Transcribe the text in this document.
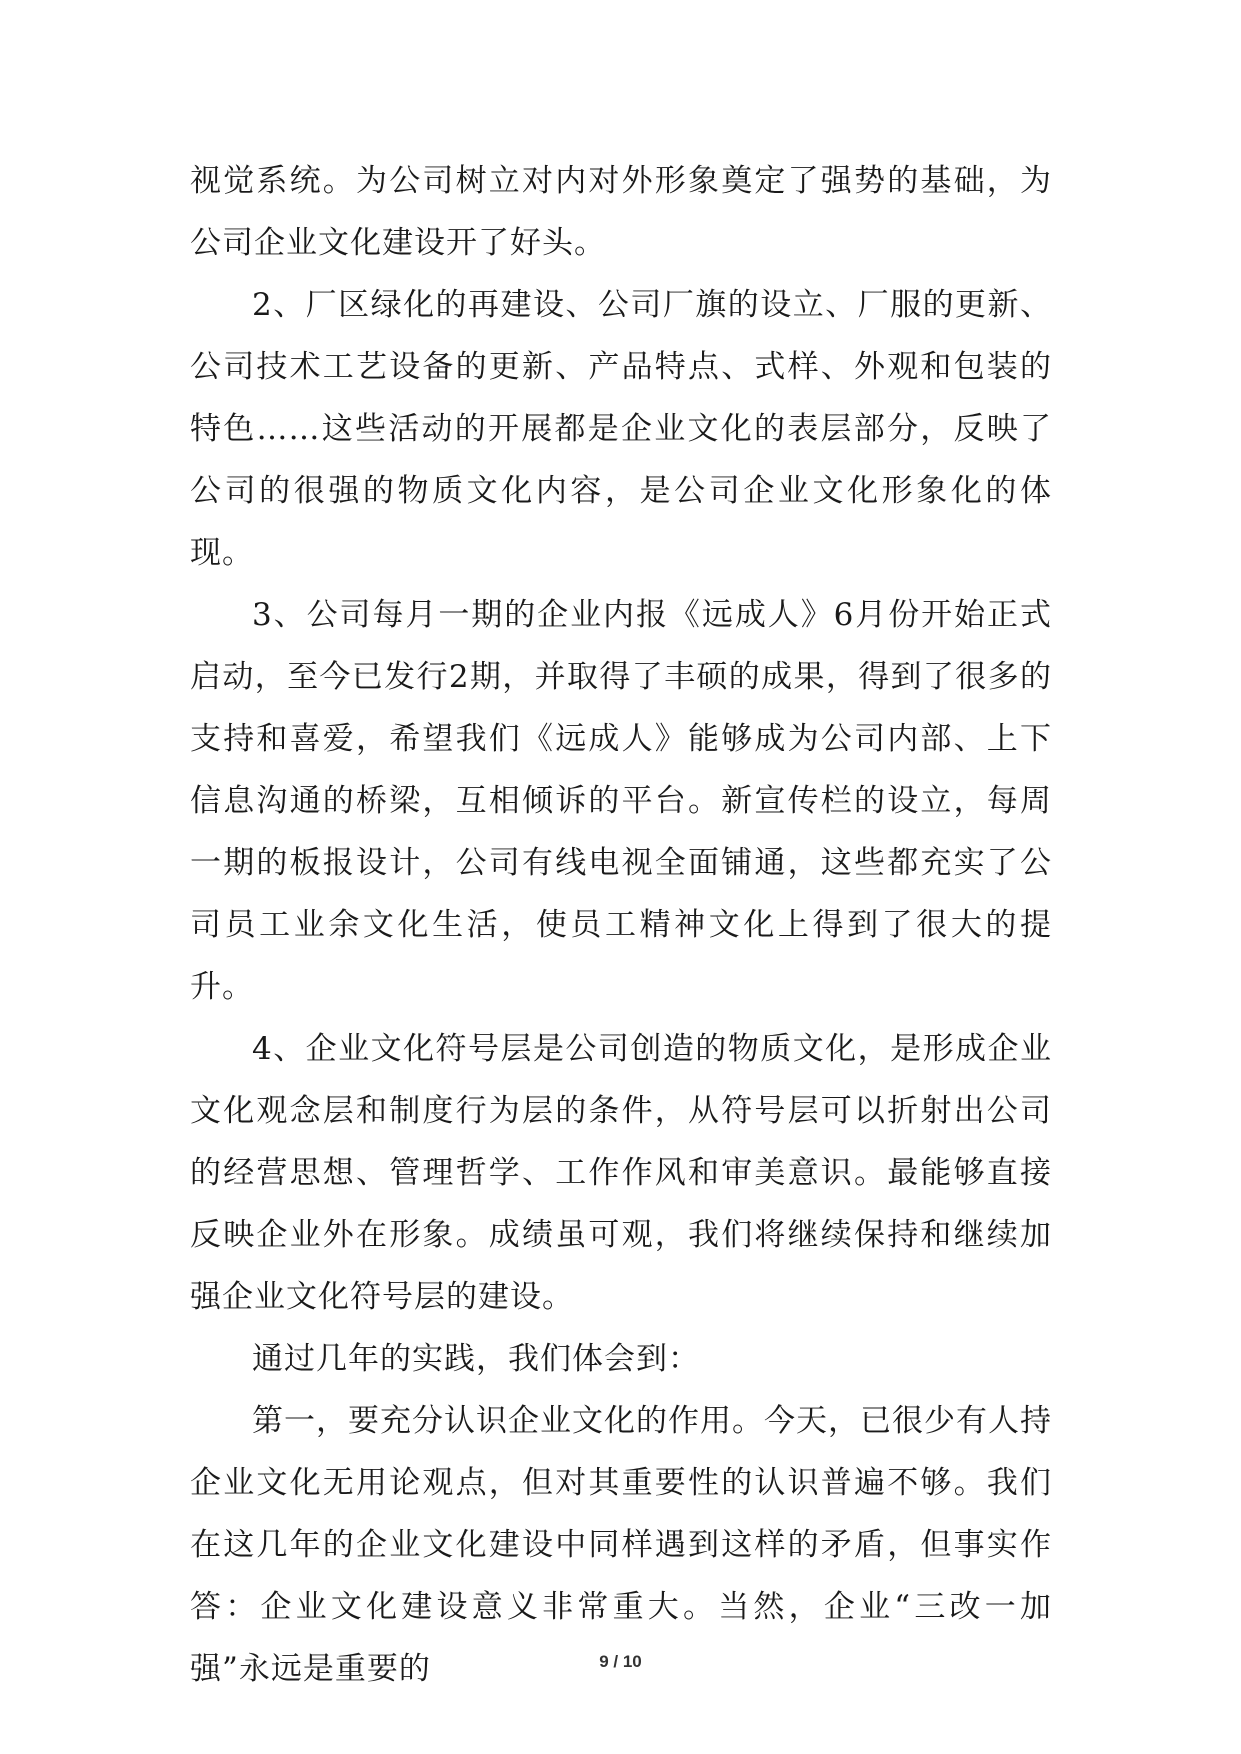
视觉系统。为公司树立对内对外形象奠定了强势的基础，为公司企业文化建设开了好头。

2、厂区绿化的再建设、公司厂旗的设立、厂服的更新、公司技术工艺设备的更新、产品特点、式样、外观和包装的特色……这些活动的开展都是企业文化的表层部分，反映了公司的很强的物质文化内容，是公司企业文化形象化的体现。

3、公司每月一期的企业内报《远成人》6月份开始正式启动，至今已发行2期，并取得了丰硕的成果，得到了很多的支持和喜爱，希望我们《远成人》能够成为公司内部、上下信息沟通的桥梁，互相倾诉的平台。新宣传栏的设立，每周一期的板报设计，公司有线电视全面铺通，这些都充实了公司员工业余文化生活，使员工精神文化上得到了很大的提升。

4、企业文化符号层是公司创造的物质文化，是形成企业文化观念层和制度行为层的条件，从符号层可以折射出公司的经营思想、管理哲学、工作作风和审美意识。最能够直接反映企业外在形象。成绩虽可观，我们将继续保持和继续加强企业文化符号层的建设。

通过几年的实践，我们体会到：

第一，要充分认识企业文化的作用。今天，已很少有人持企业文化无用论观点，但对其重要性的认识普遍不够。我们在这几年的企业文化建设中同样遇到这样的矛盾，但事实作答：企业文化建设意义非常重大。当然，企业“三改一加强”永远是重要的	9 / 10
